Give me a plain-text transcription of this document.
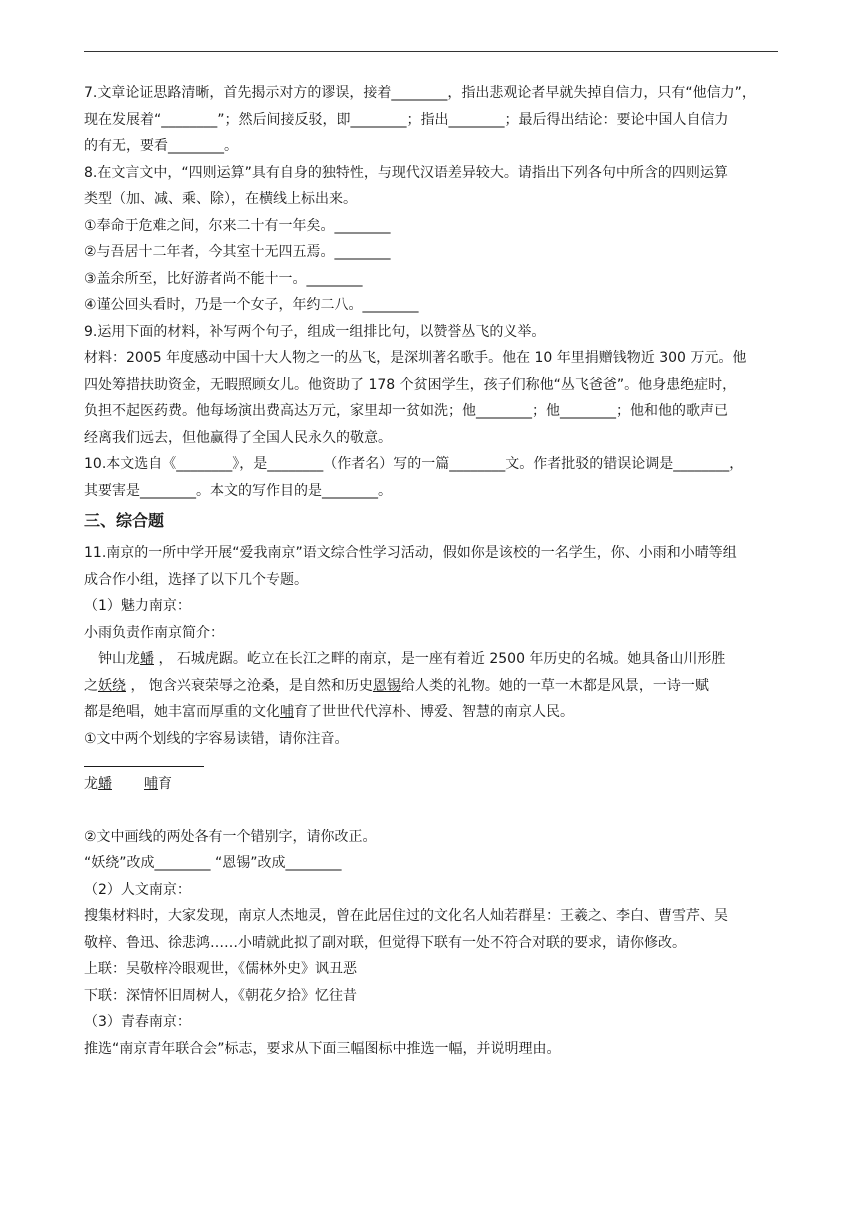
7.文章论证思路清晰，首先揭示对方的谬误，接着________，指出悲观论者早就失掉自信力，只有“他信力”，

现在发展着“________”；然后间接反驳，即________；指出________；最后得出结论：要论中国人自信力

的有无，要看________。

8.在文言文中，“四则运算”具有自身的独特性，与现代汉语差异较大。请指出下列各句中所含的四则运算

类型（加、减、乘、除），在横线上标出来。

①奉命于危难之间，尔来二十有一年矣。________

②与吾居十二年者，今其室十无四五焉。________

③盖余所至，比好游者尚不能十一。________

④谨公回头看时，乃是一个女子，年约二八。________

9.运用下面的材料，补写两个句子，组成一组排比句，以赞誉丛飞的义举。

材料：2005 年度感动中国十大人物之一的丛飞，是深圳著名歌手。他在 10 年里捐赠钱物近 300 万元。他

四处筹措扶助资金，无暇照顾女儿。他资助了 178 个贫困学生，孩子们称他“丛飞爸爸”。他身患绝症时，

负担不起医药费。他每场演出费高达万元，家里却一贫如洗；他________；他________；他和他的歌声已

经离我们远去，但他赢得了全国人民永久的敬意。

10.本文选自《________》，是________（作者名）写的一篇________文。作者批驳的错误论调是________，

其要害是________。本文的写作目的是________。

三、综合题

11.南京的一所中学开展“爱我南京”语文综合性学习活动，假如你是该校的一名学生，你、小雨和小晴等组

成合作小组，选择了以下几个专题。

（1）魅力南京：

小雨负责作南京简介：

钟山龙蟠 ， 石城虎踞。屹立在长江之畔的南京，是一座有着近 2500 年历史的名城。她具备山川形胜

之妖绕 ， 饱含兴衰荣辱之沧桑，是自然和历史恩锡给人类的礼物。她的一草一木都是风景，一诗一赋

都是绝唱，她丰富而厚重的文化哺育了世世代代淳朴、博爱、智慧的南京人民。

①文中两个划线的字容易读错，请你注音。

龙蟠 哺育

②文中画线的两处各有一个错别字，请你改正。

“妖绕”改成________ “恩锡”改成________

（2）人文南京：

搜集材料时，大家发现，南京人杰地灵，曾在此居住过的文化名人灿若群星：王羲之、李白、曹雪芹、吴

敬梓、鲁迅、徐悲鸿……小晴就此拟了副对联，但觉得下联有一处不符合对联的要求，请你修改。

上联：吴敬梓冷眼观世，《儒林外史》讽丑恶

下联：深情怀旧周树人，《朝花夕拾》忆往昔

（3）青春南京：

推选“南京青年联合会”标志，要求从下面三幅图标中推选一幅，并说明理由。
